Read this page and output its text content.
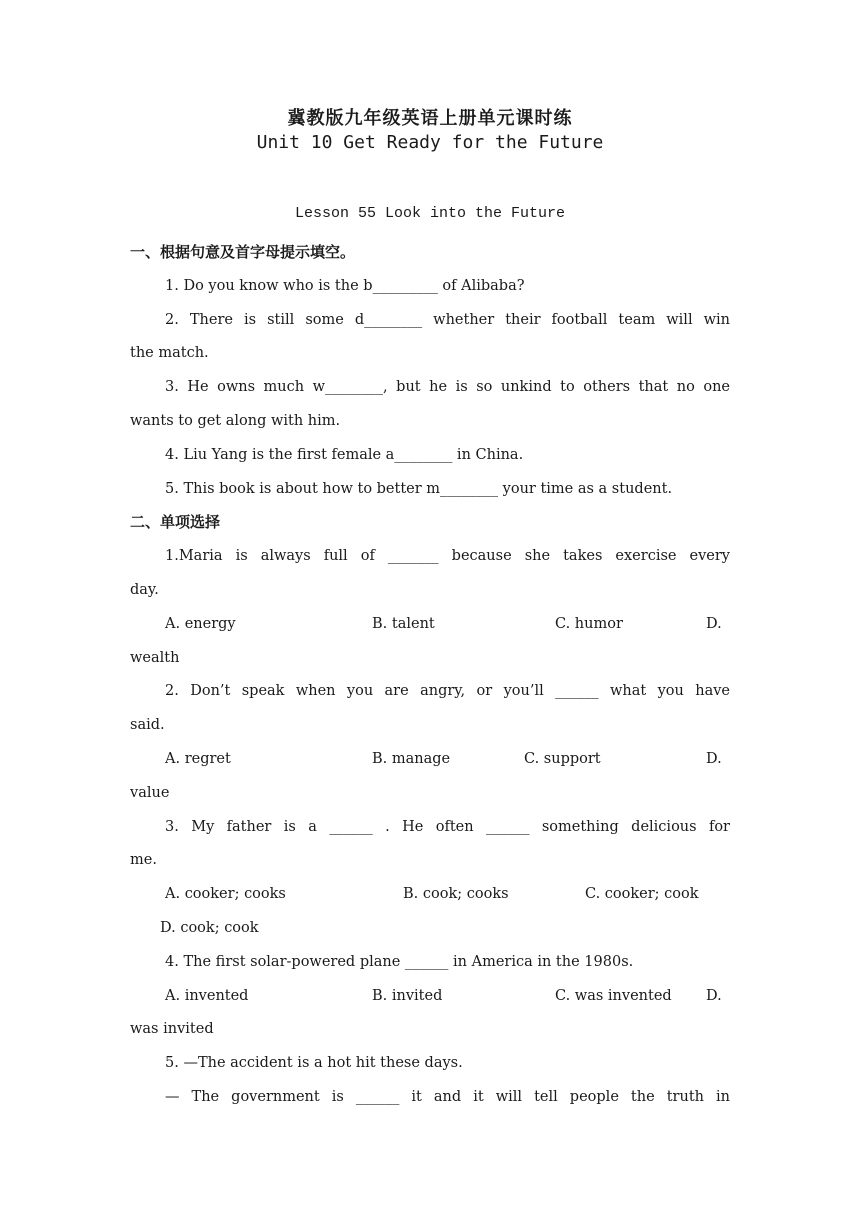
冀教版九年级英语上册单元课时练
Unit 10 Get Ready for the Future
Lesson 55 Look into the Future
一、根据句意及首字母提示填空。
1. Do you know who is the b_________ of Alibaba?
2. There is still some d________ whether their football team will win
the match.
3. He owns much w________, but he is so unkind to others that no one
wants to get along with him.
4. Liu Yang is the first female a________ in China.
5. This book is about how to better m________ your time as a student.
二、单项选择
1.Maria is always full of _______ because she takes exercise every
day.
A. energy	B. talent	C. humor	D.
wealth
2. Don’t speak when you are angry, or you’ll ______ what you have
said.
A. regret	B. manage	C. support	D.
value
3. My father is a ______ . He often ______ something delicious for
me.
A. cooker; cooks	B. cook; cooks	C. cooker; cook
D. cook; cook
4. The first solar-powered plane ______ in America in the 1980s.
A. invented	B. invited	C. was invented D.
was invited
5. —The accident is a hot hit these days.
— The government is ______ it and it will tell people the truth in
